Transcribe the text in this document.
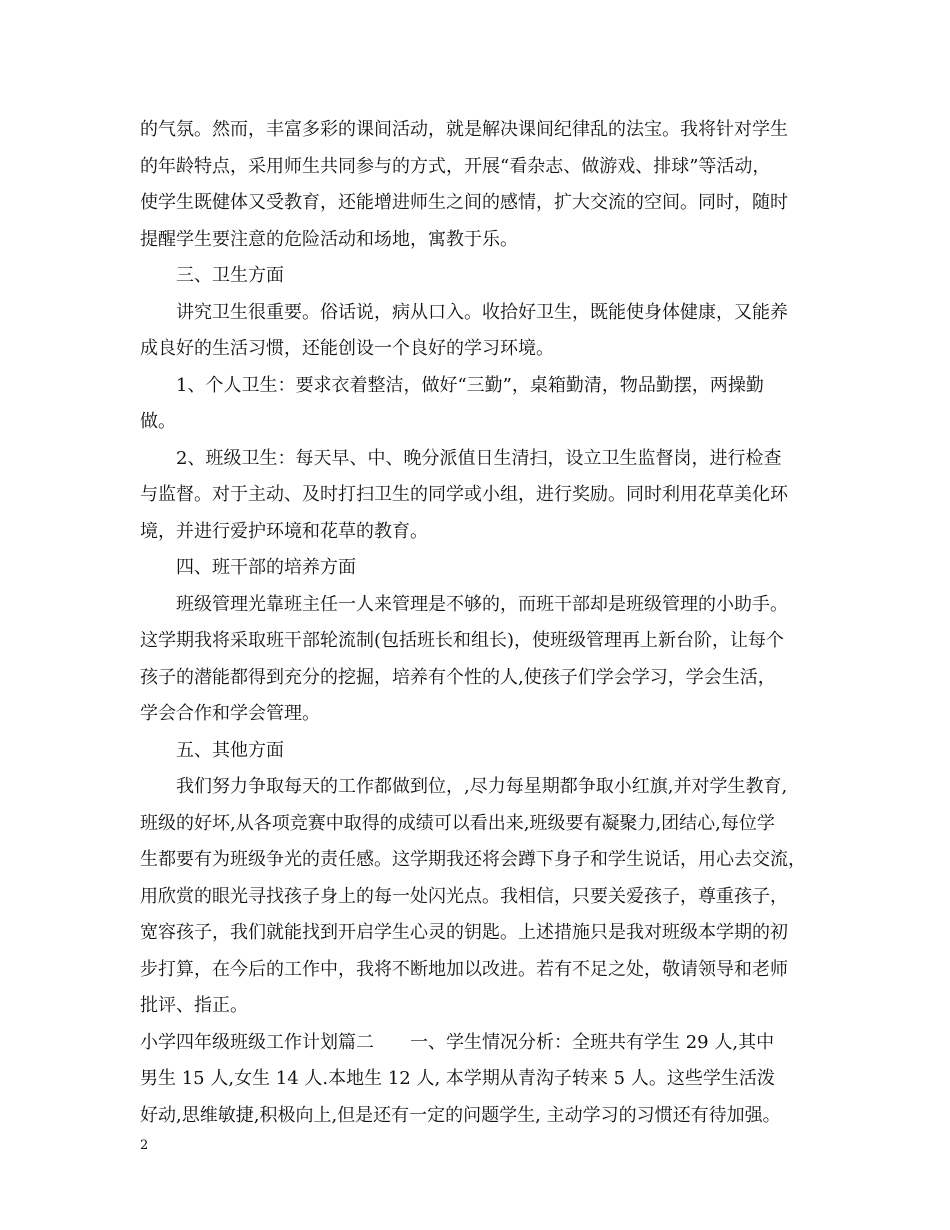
的气氛。然而，丰富多彩的课间活动，就是解决课间纪律乱的法宝。我将针对学生
的年龄特点，采用师生共同参与的方式，开展“看杂志、做游戏、排球”等活动，
使学生既健体又受教育，还能增进师生之间的感情，扩大交流的空间。同时，随时
提醒学生要注意的危险活动和场地，寓教于乐。
三、卫生方面
讲究卫生很重要。俗话说，病从口入。收拾好卫生，既能使身体健康，又能养
成良好的生活习惯，还能创设一个良好的学习环境。
1、个人卫生：要求衣着整洁，做好“三勤”，桌箱勤清，物品勤摆，两操勤
做。
2、班级卫生：每天早、中、晚分派值日生清扫，设立卫生监督岗，进行检查
与监督。对于主动、及时打扫卫生的同学或小组，进行奖励。同时利用花草美化环
境，并进行爱护环境和花草的教育。
四、班干部的培养方面
班级管理光靠班主任一人来管理是不够的，而班干部却是班级管理的小助手。
这学期我将采取班干部轮流制(包括班长和组长)，使班级管理再上新台阶，让每个
孩子的潜能都得到充分的挖掘，培养有个性的人,使孩子们学会学习，学会生活，
学会合作和学会管理。
五、其他方面
我们努力争取每天的工作都做到位，,尽力每星期都争取小红旗,并对学生教育,
班级的好坏,从各项竞赛中取得的成绩可以看出来,班级要有凝聚力,团结心,每位学
生都要有为班级争光的责任感。这学期我还将会蹲下身子和学生说话，用心去交流，
用欣赏的眼光寻找孩子身上的每一处闪光点。我相信，只要关爱孩子，尊重孩子，
宽容孩子，我们就能找到开启学生心灵的钥匙。上述措施只是我对班级本学期的初
步打算，在今后的工作中，我将不断地加以改进。若有不足之处，敬请领导和老师
批评、指正。
小学四年级班级工作计划篇二　　一、学生情况分析：全班共有学生 29 人,其中
男生 15 人,女生 14 人.本地生 12 人, 本学期从青沟子转来 5 人。这些学生活泼
好动,思维敏捷,积极向上,但是还有一定的问题学生, 主动学习的习惯还有待加强。
2
